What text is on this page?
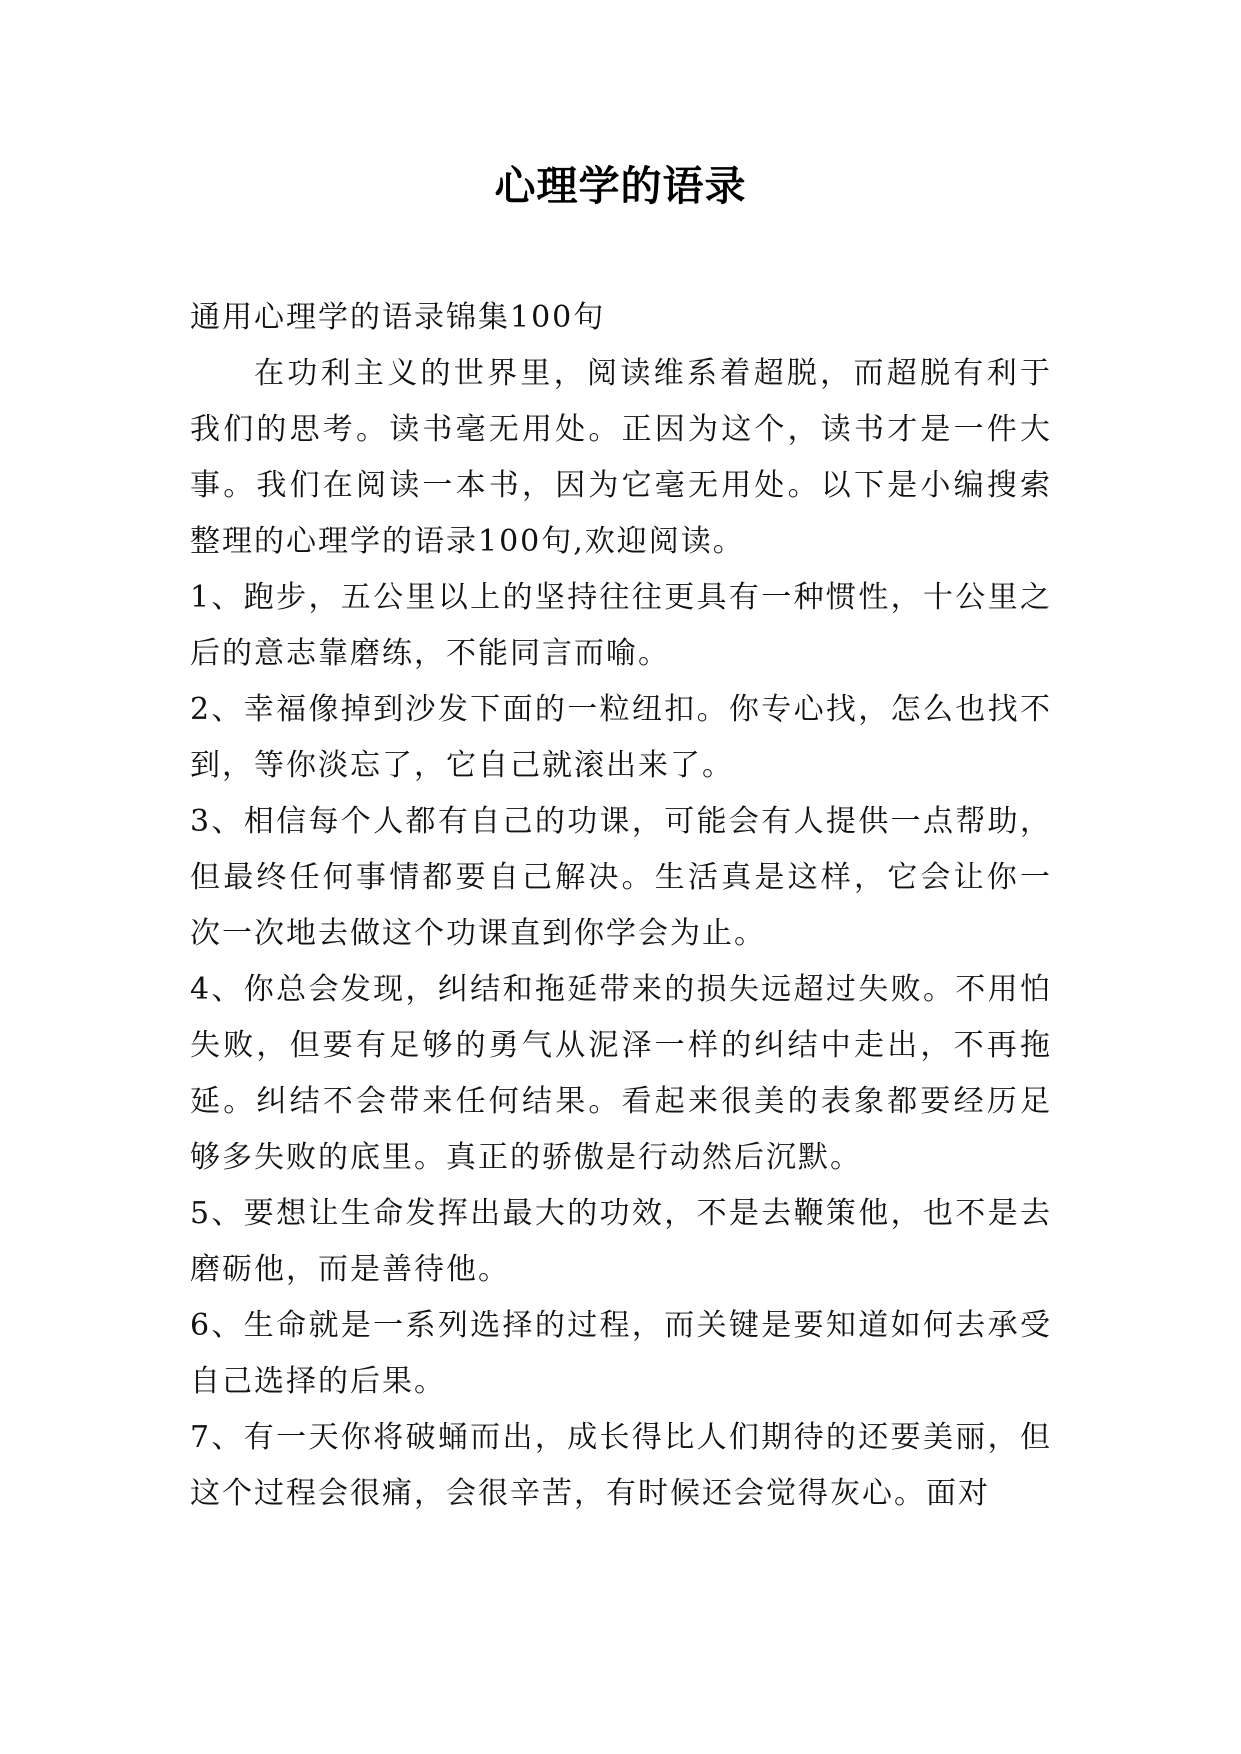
心理学的语录

通用心理学的语录锦集100句

在功利主义的世界里，阅读维系着超脱，而超脱有利于我们的思考。读书毫无用处。正因为这个，读书才是一件大事。我们在阅读一本书，因为它毫无用处。以下是小编搜索整理的心理学的语录100句,欢迎阅读。

1、跑步，五公里以上的坚持往往更具有一种惯性，十公里之后的意志靠磨练，不能同言而喻。

2、幸福像掉到沙发下面的一粒纽扣。你专心找，怎么也找不到，等你淡忘了，它自己就滚出来了。

3、相信每个人都有自己的功课，可能会有人提供一点帮助，但最终任何事情都要自己解决。生活真是这样，它会让你一次一次地去做这个功课直到你学会为止。

4、你总会发现，纠结和拖延带来的损失远超过失败。不用怕失败，但要有足够的勇气从泥泽一样的纠结中走出，不再拖延。纠结不会带来任何结果。看起来很美的表象都要经历足够多失败的底里。真正的骄傲是行动然后沉默。

5、要想让生命发挥出最大的功效，不是去鞭策他，也不是去磨砺他，而是善待他。

6、生命就是一系列选择的过程，而关键是要知道如何去承受自己选择的后果。

7、有一天你将破蛹而出，成长得比人们期待的还要美丽，但这个过程会很痛，会很辛苦，有时候还会觉得灰心。面对
